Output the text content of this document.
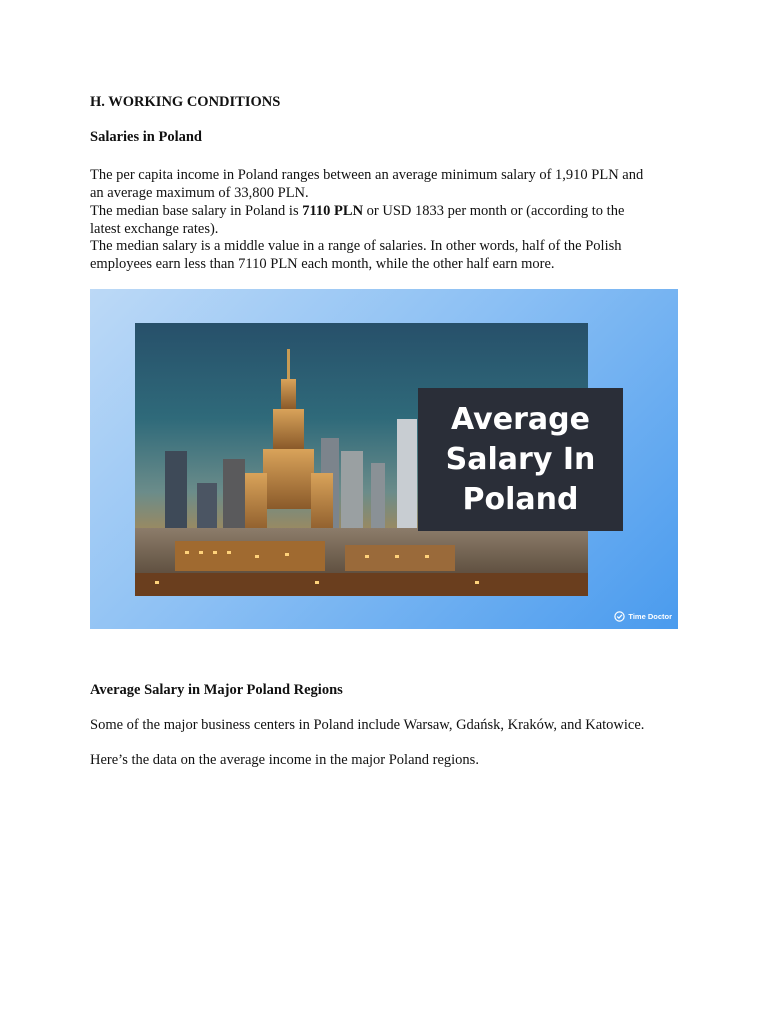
H. WORKING CONDITIONS
Salaries in Poland

The per capita income in Poland ranges between an average minimum salary of 1,910 PLN and
an average maximum of 33,800 PLN.

The median base salary in Poland is 7110 PLN or USD 1833 per month or (according to the
latest exchange rates).

The median salary is a middle value in a range of salaries. In other words, half of the Polish
employees earn less than 7110 PLN each month, while the other half earn more.

Average
Salary In
Poland
Time Doctor
Average Salary in Major Poland Regions

Some of the major business centers in Poland include Warsaw, Gdańsk, Kraków, and Katowice.

Here’s the data on the average income in the major Poland regions.
